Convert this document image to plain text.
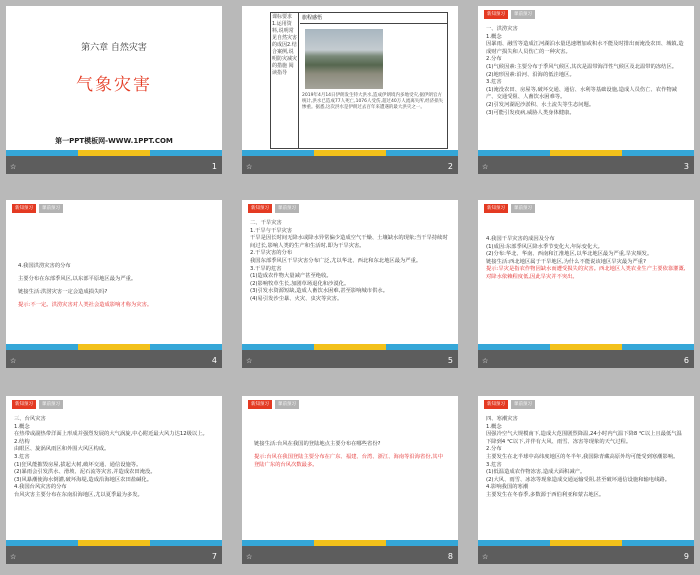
第六章 自然灾害
气象灾害
第一PPT模板网-WWW.1PPT.COM
☆	1
课标要求 1.运用资料,说明常见自然灾害的成因2.结合案例,说明防灾减灾的措施 阅读指导
旅程感悟
2019年4月14日伊朗发生特大洪水,造成伊朗境内多地受灾,据伊朗官方统计,洪水已造成77人死亡,1076人受伤,超过40万人流离失所,经济损失惨重。据悉,这次洪水是伊朗过去百年来遭遇的最大洪灾之一。
☆	2
新知预习	课前预习

一、洪涝灾害

1.概念

因暴雨、融雪等造成江河湖泊水量迅速增加或积水不能及时排出而淹没农田、城镇,造成财产损失和人员伤亡的一种灾害。

2.分布

(1)气候因素:主要分布于季风气候区,其次是温带海洋性气候区及北温带的冻结区。

(2)地形因素:沿河、沿海的低洼地区。

3.危害

(1)淹没农田、房屋等,破坏交通、通信、水利等基础设施,造成人员伤亡、农作物减产、交通受阻、人畜饮水困难等。

(2)引发河湖泥沙淤积、水土流失等生态问题。

(3)可能引发疫病,威胁人类身体健康。

☆	3
新知预习	课前预习

4.我国洪涝灾害的分布

主要分布在东部季风区,以东部平原地区最为严重。

链接生活:洪涝灾害一定会造成损失吗?

提示:不一定。洪涝灾害对人类社会造成影响才称为灾害。

☆	4
新知预习	课前预习

二、干旱灾害

1.干旱与干旱灾害

干旱是因长时间无降水或降水异常偏少造成空气干燥、土壤缺水的现象;当干旱持续时间过长,影响人类的生产和生活时,即为干旱灾害。

2.干旱灾害的分布

我国东部季风区干旱灾害分布广泛,尤以华北、西北和东北地区最为严重。

3.干旱的危害

(1)造成农作物大量减产甚至绝收。

(2)影响牧草生长,加剧草场退化和沙漠化。

(3)引发水资源短缺,造成人畜饮水困难,甚至影响城市供水。

(4)易引发沙尘暴、火灾、虫灾等灾害。

☆	5
新知预习	课前预习

4.我国干旱灾害的成因及分布

(1)成因:东部季风区降水季节变化大,年际变化大。

(2)分布:华北、华南、西南和江淮地区,以华北地区最为严重,旱灾频发。

链接生活:西北地区属于干旱地区,为什么不能说该地区旱灾最为严重?

提示:旱灾是指农作物因缺水而遭受损失的灾害。西北地区人类农业生产主要依靠灌溉,对降水依赖程度低,因此旱灾并不突出。

☆	6
新知预习	课前预习

三、台风灾害

1.概念

在热带或副热带洋面上形成并强烈发展的大气涡旋,中心附近最大风力达12级以上。

2.结构

由眼区、旋涡风雨区和外围大风区构成。

3.危害

(1)狂风能摧毁房屋,拔起大树,破坏交通、通信设施等。

(2)暴雨会引发洪水、滑坡、泥石流等灾害,并造成农田淹没。

(3)风暴潮使海水倒灌,破坏海堤,造成沿海地区农田盐碱化。

4.我国台风灾害的分布

台风灾害主要分布在东南沿海地区,尤以夏季最为多发。

☆	7
新知预习	课前预习

链接生活:台风在我国的登陆地点主要分布在哪些省份?

提示:台风在我国登陆主要分布在广东、福建、台湾、浙江、海南等沿海省份,其中登陆广东的台风次数最多。

☆	8
新知预习	课前预习

四、寒潮灾害

1.概念

因强冷空气大规模南下,造成大范围剧烈降温,24小时内气温下降8 ℃以上且最低气温下降到4 ℃以下,并伴有大风、雨雪、冻害等现象的天气过程。

2.分布

主要发生在北半球中高纬度地区的冬半年,我国除青藏高原外均可能受到寒潮影响。

3.危害

(1)低温造成农作物冻害,造成大面积减产。

(2)大风、雨雪、冰冻等现象造成交通运输受阻,甚至破坏通信设施和输电线路。

4.影响我国的寒潮

主要发生在冬春季,多数源于西伯利亚和蒙古地区。

☆	9
